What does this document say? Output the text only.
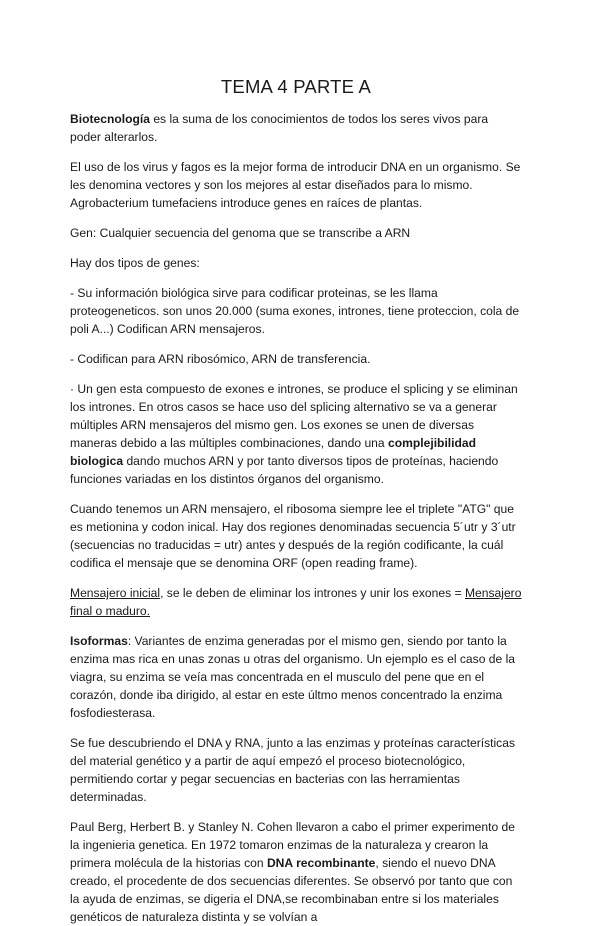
TEMA 4 PARTE A

Biotecnología es la suma de los conocimientos de todos los seres vivos para poder alterarlos.

El uso de los virus y fagos es la mejor forma de introducir DNA en un organismo. Se les denomina vectores y son los mejores al estar diseñados para lo mismo. Agrobacterium tumefaciens introduce genes en raíces de plantas.

Gen: Cualquier secuencia del genoma que se transcribe a ARN

Hay dos tipos de genes:

- Su información biológica sirve para codificar proteinas, se les llama proteogeneticos. son unos 20.000 (suma exones, intrones, tiene proteccion, cola de poli A...) Codifican ARN mensajeros.

- Codifican para ARN ribosómico, ARN de transferencia.

· Un gen esta compuesto de exones e intrones, se produce el splicing y se eliminan los intrones. En otros casos se hace uso del splicing alternativo se va a generar múltiples ARN mensajeros del mismo gen. Los exones se unen de diversas maneras debido a las múltiples combinaciones, dando una complejibilidad biologica dando muchos ARN y por tanto diversos tipos de proteínas, haciendo funciones variadas en los distintos órganos del organismo.

Cuando tenemos un ARN mensajero, el ribosoma siempre lee el triplete "ATG" que es metionina y codon inical. Hay dos regiones denominadas secuencia 5´utr y 3´utr (secuencias no traducidas = utr) antes y después de la región codificante, la cuál codifica el mensaje que se denomina ORF (open reading frame).

Mensajero inicial, se le deben de eliminar los intrones y unir los exones = Mensajero final o maduro.

Isoformas: Variantes de enzima generadas por el mismo gen, siendo por tanto la enzima mas rica en unas zonas u otras del organismo. Un ejemplo es el caso de la viagra, su enzima se veía mas concentrada en el musculo del pene que en el corazón, donde iba dirigido, al estar en este últmo menos concentrado la enzima fosfodiesterasa.

Se fue descubriendo el DNA y RNA, junto a las enzimas y proteínas características del material genético y a partir de aquí empezó el proceso biotecnológico, permitiendo cortar y pegar secuencias en bacterias con las herramientas determinadas.

Paul Berg, Herbert B. y Stanley N. Cohen llevaron a cabo el primer experimento de la ingenieria genetica. En 1972 tomaron enzimas de la naturaleza y crearon la primera molécula de la historias con DNA recombinante, siendo el nuevo DNA creado, el procedente de dos secuencias diferentes. Se observó por tanto que con la ayuda de enzimas, se digeria el DNA,se recombinaban entre si los materiales genéticos de naturaleza distinta y se volvían a
